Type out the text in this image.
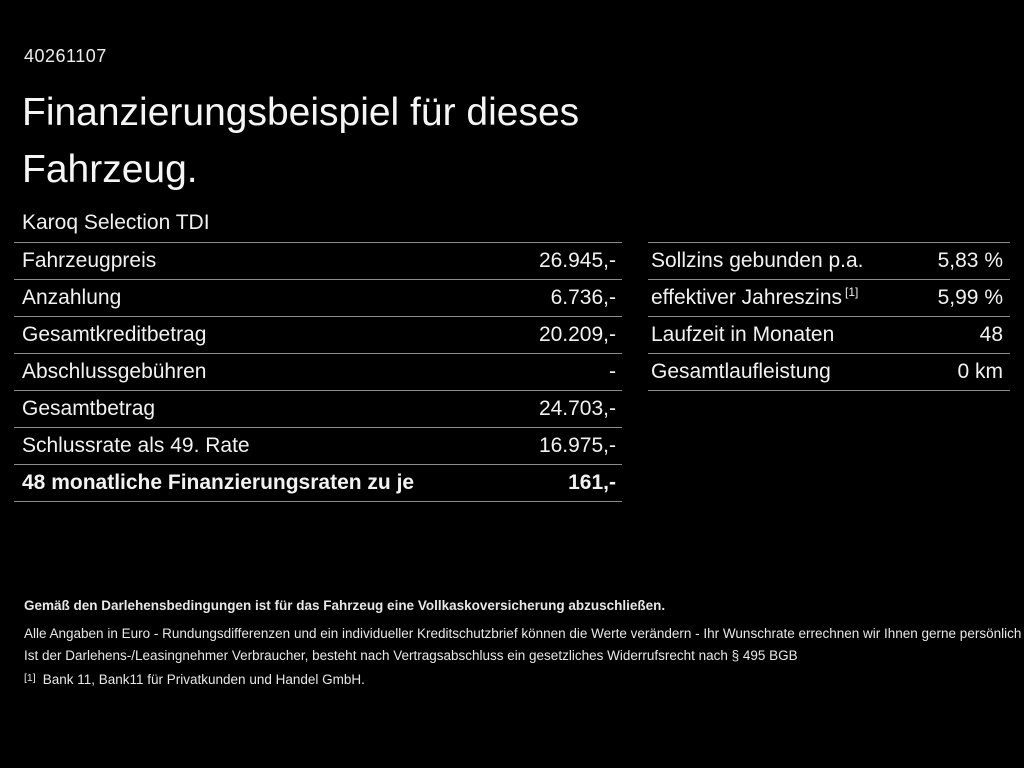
40261107
Finanzierungsbeispiel für dieses
Fahrzeug.
Karoq Selection TDI
Fahrzeugpreis	26.945,-
Anzahlung	6.736,-
Gesamtkreditbetrag	20.209,-
Abschlussgebühren	-
Gesamtbetrag	24.703,-
Schlussrate als 49. Rate	16.975,-
48 monatliche Finanzierungsraten zu je	161,-
Sollzins gebunden p.a.	5,83 %
effektiver Jahreszins [1]	5,99 %
Laufzeit in Monaten	48
Gesamtlaufleistung	0 km
Gemäß den Darlehensbedingungen ist für das Fahrzeug eine Vollkaskoversicherung abzuschließen.
Alle Angaben in Euro - Rundungsdifferenzen und ein individueller Kreditschutzbrief können die Werte verändern - Ihr Wunschrate errechnen wir Ihnen gerne persönlich
Ist der Darlehens-/Leasingnehmer Verbraucher, besteht nach Vertragsabschluss ein gesetzliches Widerrufsrecht nach § 495 BGB
[1] Bank 11, Bank11 für Privatkunden und Handel GmbH.
